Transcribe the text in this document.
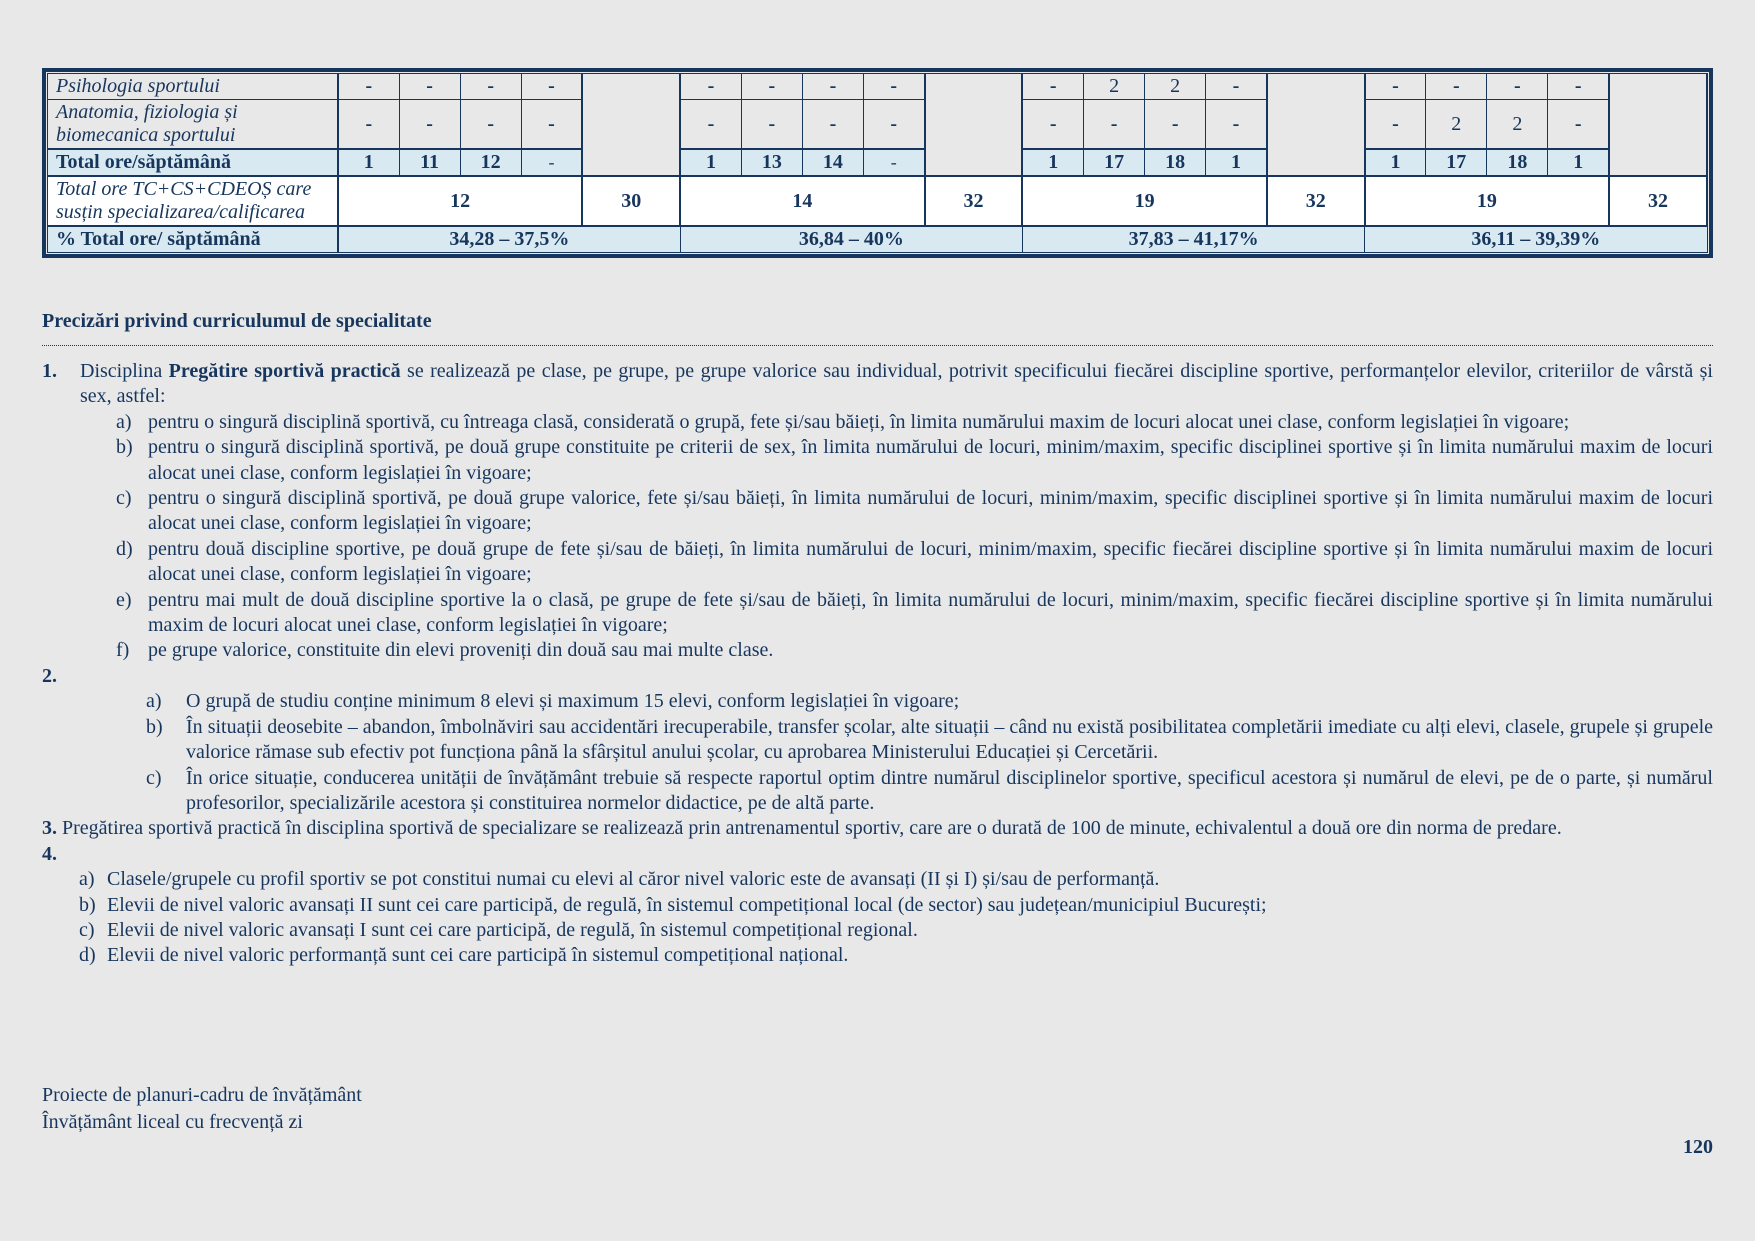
Psihologia sportului	-	-	-	-		-	-	-	-		-	2	2	-		-	-	-	-	
Anatomia, fiziologia și biomecanica sportului	-	-	-	-		-	-	-	-		-	-	-	-		-	2	2	-	
Total ore/săptămână	1	11	12	-		1	13	14	-		1	17	18	1		1	17	18	1	
Total ore TC+CS+CDEOȘ care susțin specializarea/calificarea	12				30	14				32	19				32	19				32
% Total ore/ săptămână	34,28 – 37,5%					36,84 – 40%					37,83 – 41,17%					36,11 – 39,39%				
Precizări privind curriculumul de specialitate
1.	Disciplina Pregătire sportivă practică se realizează pe clase, pe grupe, pe grupe valorice sau individual, potrivit specificului fiecărei discipline sportive, performanțelor elevilor, criteriilor de vârstă și sex, astfel:

a) pentru o singură disciplină sportivă, cu întreaga clasă, considerată o grupă, fete și/sau băieți, în limita numărului maxim de locuri alocat unei clase, conform legislației în vigoare;

b) pentru o singură disciplină sportivă, pe două grupe constituite pe criterii de sex, în limita numărului de locuri, minim/maxim, specific disciplinei sportive și în limita numărului maxim de locuri alocat unei clase, conform legislației în vigoare;

c) pentru o singură disciplină sportivă, pe două grupe valorice, fete și/sau băieți, în limita numărului de locuri, minim/maxim, specific disciplinei sportive și în limita numărului maxim de locuri alocat unei clase, conform legislației în vigoare;

d) pentru două discipline sportive, pe două grupe de fete și/sau de băieți, în limita numărului de locuri, minim/maxim, specific fiecărei discipline sportive și în limita numărului maxim de locuri alocat unei clase, conform legislației în vigoare;

e) pentru mai mult de două discipline sportive la o clasă, pe grupe de fete și/sau de băieți, în limita numărului de locuri, minim/maxim, specific fiecărei discipline sportive și în limita numărului maxim de locuri alocat unei clase, conform legislației în vigoare;

f) pe grupe valorice, constituite din elevi proveniți din două sau mai multe clase.

2.
a)	O grupă de studiu conține minimum 8 elevi și maximum 15 elevi, conform legislației în vigoare;

b)	În situații deosebite – abandon, îmbolnăviri sau accidentări irecuperabile, transfer școlar, alte situații – când nu există posibilitatea completării imediate cu alți elevi, clasele, grupele și grupele valorice rămase sub efectiv pot funcționa până la sfârșitul anului școlar, cu aprobarea Ministerului Educației și Cercetării.

c)	În orice situație, conducerea unității de învățământ trebuie să respecte raportul optim dintre numărul disciplinelor sportive, specificul acestora și numărul de elevi, pe de o parte, și numărul profesorilor, specializările acestora și constituirea normelor didactice, pe de altă parte.

3. Pregătirea sportivă practică în disciplina sportivă de specializare se realizează prin antrenamentul sportiv, care are o durată de 100 de minute, echivalentul a două ore din norma de predare.

4.
a) Clasele/grupele cu profil sportiv se pot constitui numai cu elevi al căror nivel valoric este de avansați (II și I) și/sau de performanță.

b) Elevii de nivel valoric avansați II sunt cei care participă, de regulă, în sistemul competițional local (de sector) sau județean/municipiul București;

c) Elevii de nivel valoric avansați I sunt cei care participă, de regulă, în sistemul competițional regional.

d) Elevii de nivel valoric performanță sunt cei care participă în sistemul competițional național.

Proiecte de planuri-cadru de învățământ
Învățământ liceal cu frecvență zi
120
